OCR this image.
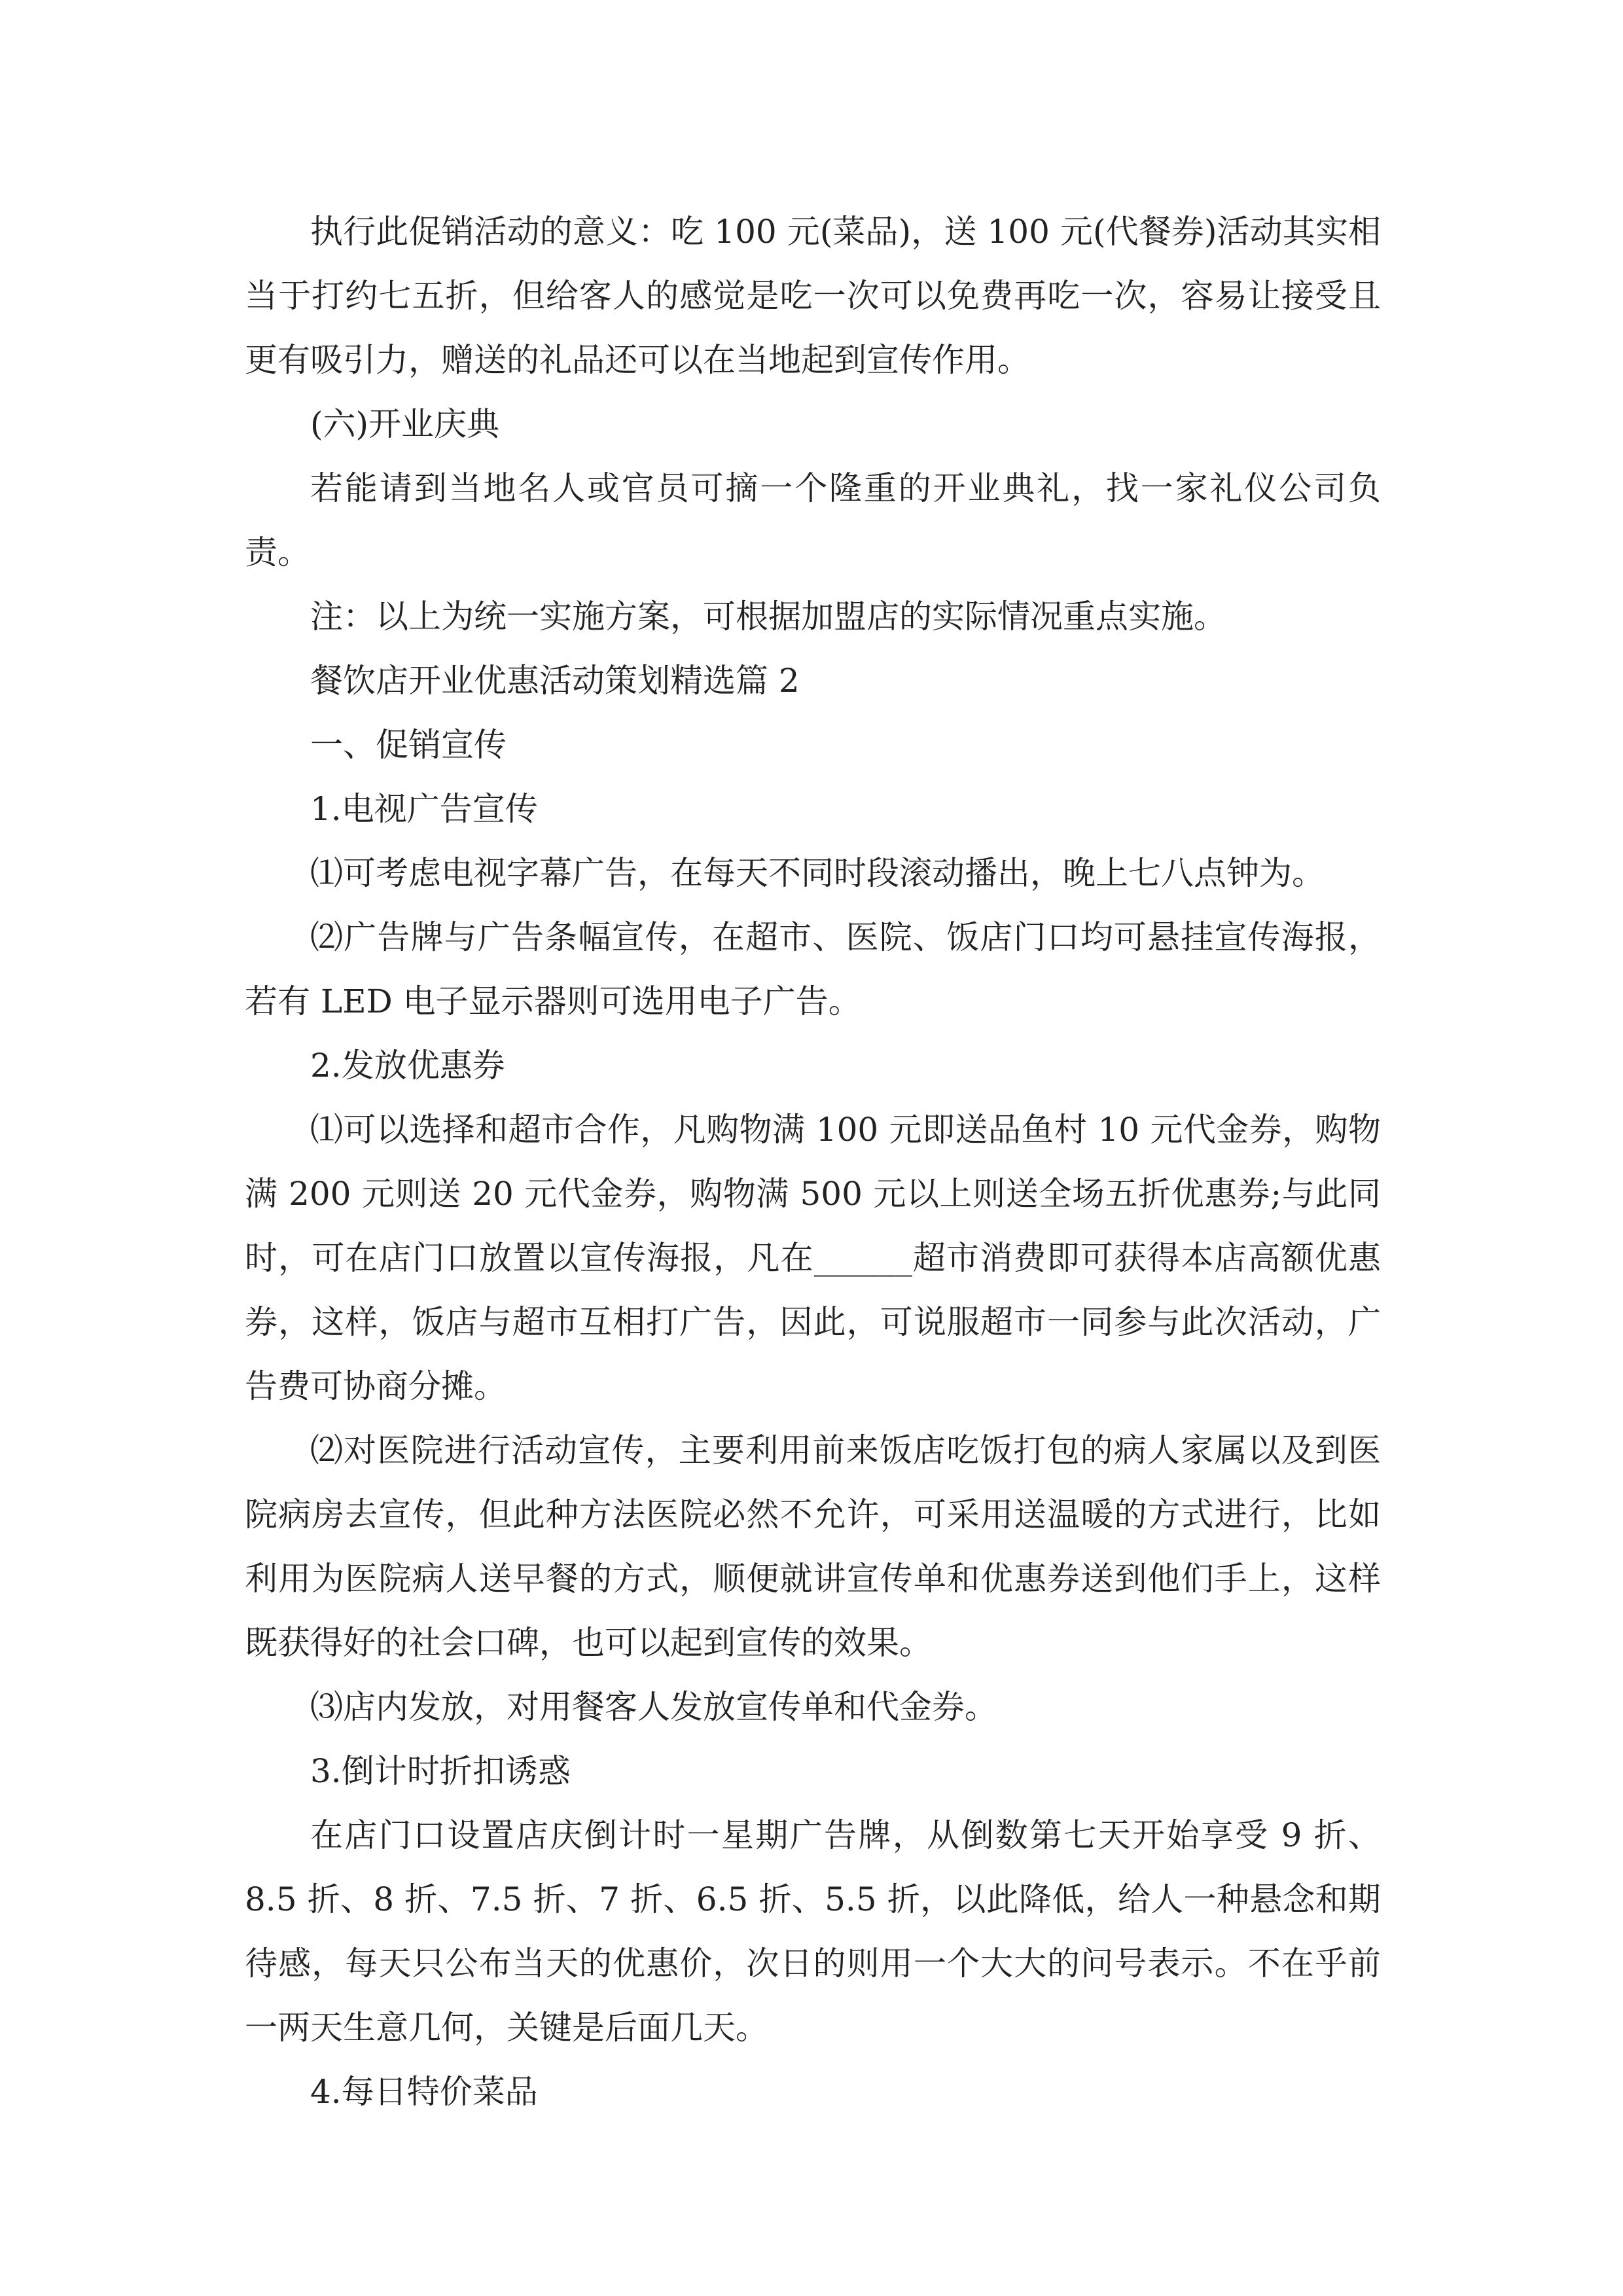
执行此促销活动的意义：吃 100 元(菜品)，送 100 元(代餐券)活动其实相当于打约七五折，但给客人的感觉是吃一次可以免费再吃一次，容易让接受且更有吸引力，赠送的礼品还可以在当地起到宣传作用。

(六)开业庆典

若能请到当地名人或官员可摘一个隆重的开业典礼，找一家礼仪公司负责。

注：以上为统一实施方案，可根据加盟店的实际情况重点实施。

餐饮店开业优惠活动策划精选篇 2

一、促销宣传

1.电视广告宣传

⑴可考虑电视字幕广告，在每天不同时段滚动播出，晚上七八点钟为。

⑵广告牌与广告条幅宣传，在超市、医院、饭店门口均可悬挂宣传海报，若有 LED 电子显示器则可选用电子广告。

2.发放优惠券

⑴可以选择和超市合作，凡购物满 100 元即送品鱼村 10 元代金券，购物满 200 元则送 20 元代金券，购物满 500 元以上则送全场五折优惠券;与此同时，可在店门口放置以宣传海报，凡在______超市消费即可获得本店高额优惠券，这样，饭店与超市互相打广告，因此，可说服超市一同参与此次活动，广告费可协商分摊。

⑵对医院进行活动宣传，主要利用前来饭店吃饭打包的病人家属以及到医院病房去宣传，但此种方法医院必然不允许，可采用送温暖的方式进行，比如利用为医院病人送早餐的方式，顺便就讲宣传单和优惠券送到他们手上，这样既获得好的社会口碑，也可以起到宣传的效果。

⑶店内发放，对用餐客人发放宣传单和代金券。

3.倒计时折扣诱惑

在店门口设置店庆倒计时一星期广告牌，从倒数第七天开始享受 9 折、8.5 折、8 折、7.5 折、7 折、6.5 折、5.5 折，以此降低，给人一种悬念和期待感，每天只公布当天的优惠价，次日的则用一个大大的问号表示。不在乎前一两天生意几何，关键是后面几天。

4.每日特价菜品
